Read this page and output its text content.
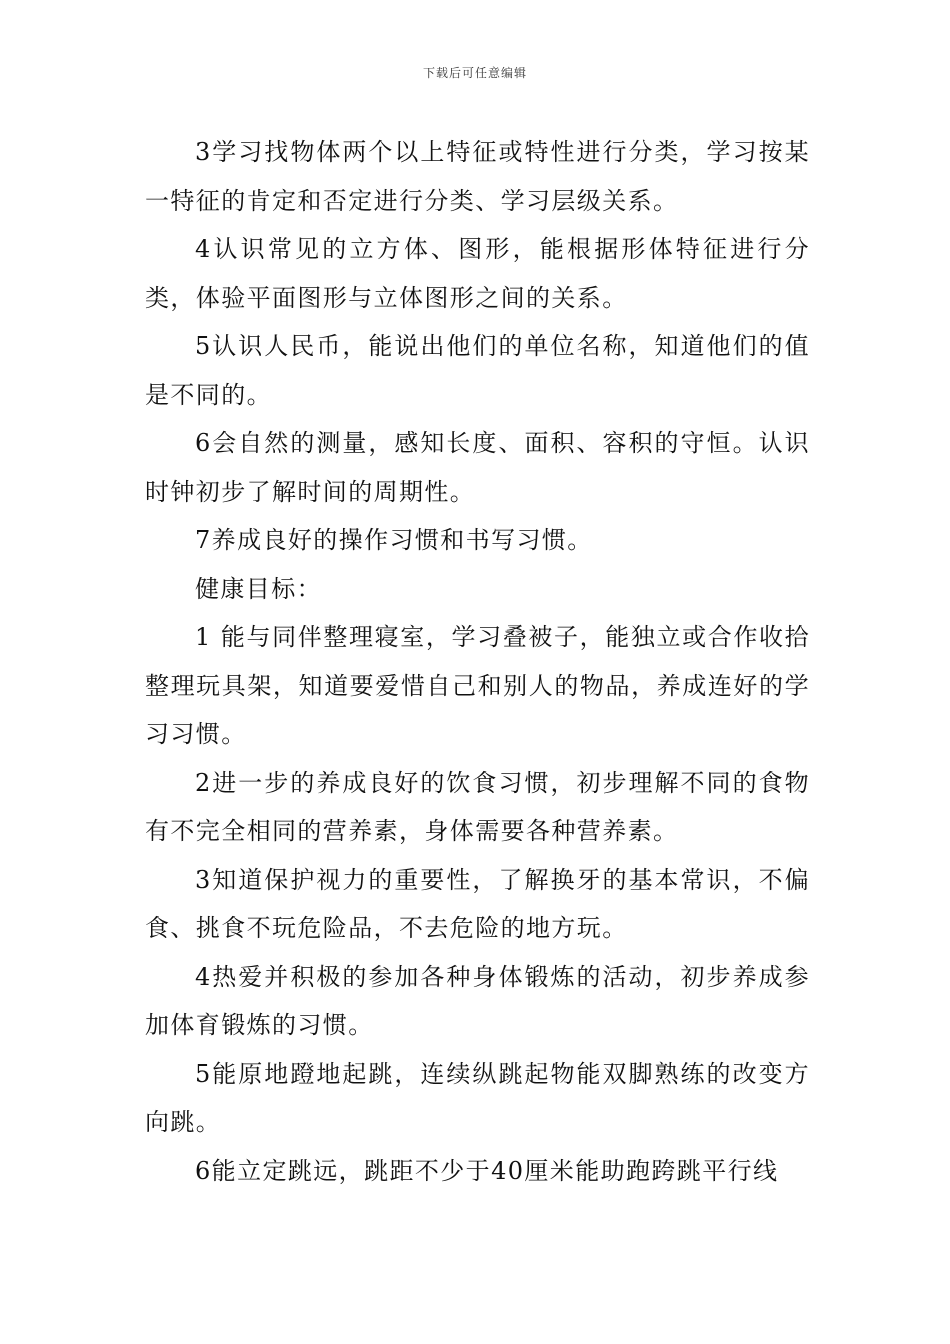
下载后可任意编辑

3学习找物体两个以上特征或特性进行分类，学习按某一特征的肯定和否定进行分类、学习层级关系。

4认识常见的立方体、图形，能根据形体特征进行分类，体验平面图形与立体图形之间的关系。

5认识人民币，能说出他们的单位名称，知道他们的值是不同的。

6会自然的测量，感知长度、面积、容积的守恒。认识时钟初步了解时间的周期性。

7养成良好的操作习惯和书写习惯。

健康目标：

1 能与同伴整理寝室，学习叠被子，能独立或合作收拾整理玩具架，知道要爱惜自己和别人的物品，养成连好的学习习惯。

2进一步的养成良好的饮食习惯，初步理解不同的食物有不完全相同的营养素，身体需要各种营养素。

3知道保护视力的重要性，了解换牙的基本常识，不偏食、挑食不玩危险品，不去危险的地方玩。

4热爱并积极的参加各种身体锻炼的活动，初步养成参加体育锻炼的习惯。

5能原地蹬地起跳，连续纵跳起物能双脚熟练的改变方向跳。

6能立定跳远，跳距不少于40厘米能助跑跨跳平行线
